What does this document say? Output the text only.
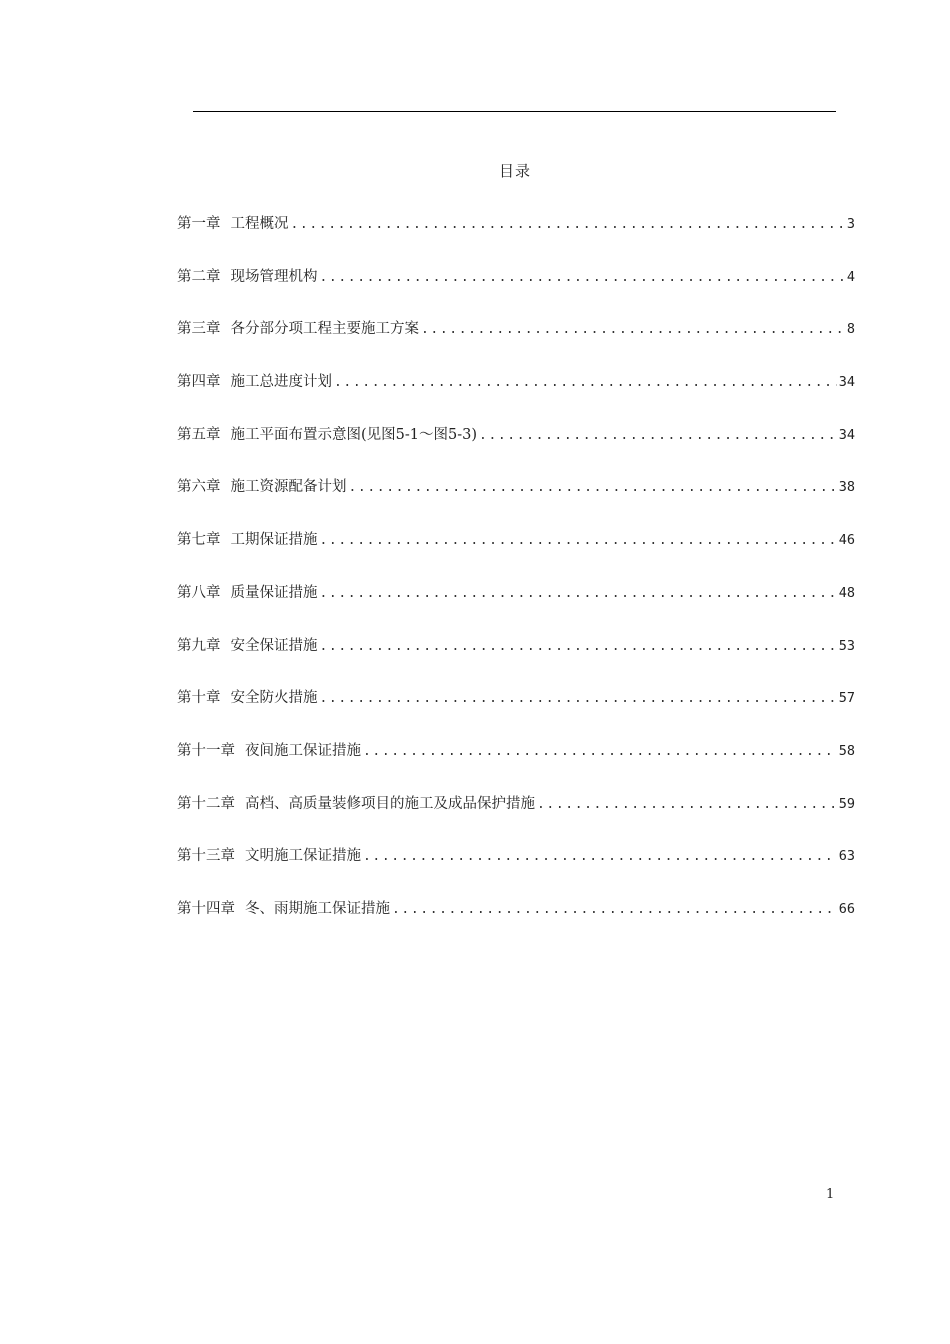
目录
第一章 工程概况 .....	3
第二章 现场管理机构 .....	4
第三章 各分部分项工程主要施工方案 .....	8
第四章 施工总进度计划 .....	34
第五章 施工平面布置示意图(见图5-1～图5-3) .....	34
第六章 施工资源配备计划 .....	38
第七章 工期保证措施 .....	46
第八章 质量保证措施 .....	48
第九章 安全保证措施 .....	53
第十章 安全防火措施 .....	57
第十一章 夜间施工保证措施 .....	58
第十二章 高档、高质量装修项目的施工及成品保护措施 .....	59
第十三章 文明施工保证措施 .....	63
第十四章 冬、雨期施工保证措施 .....	66
1
